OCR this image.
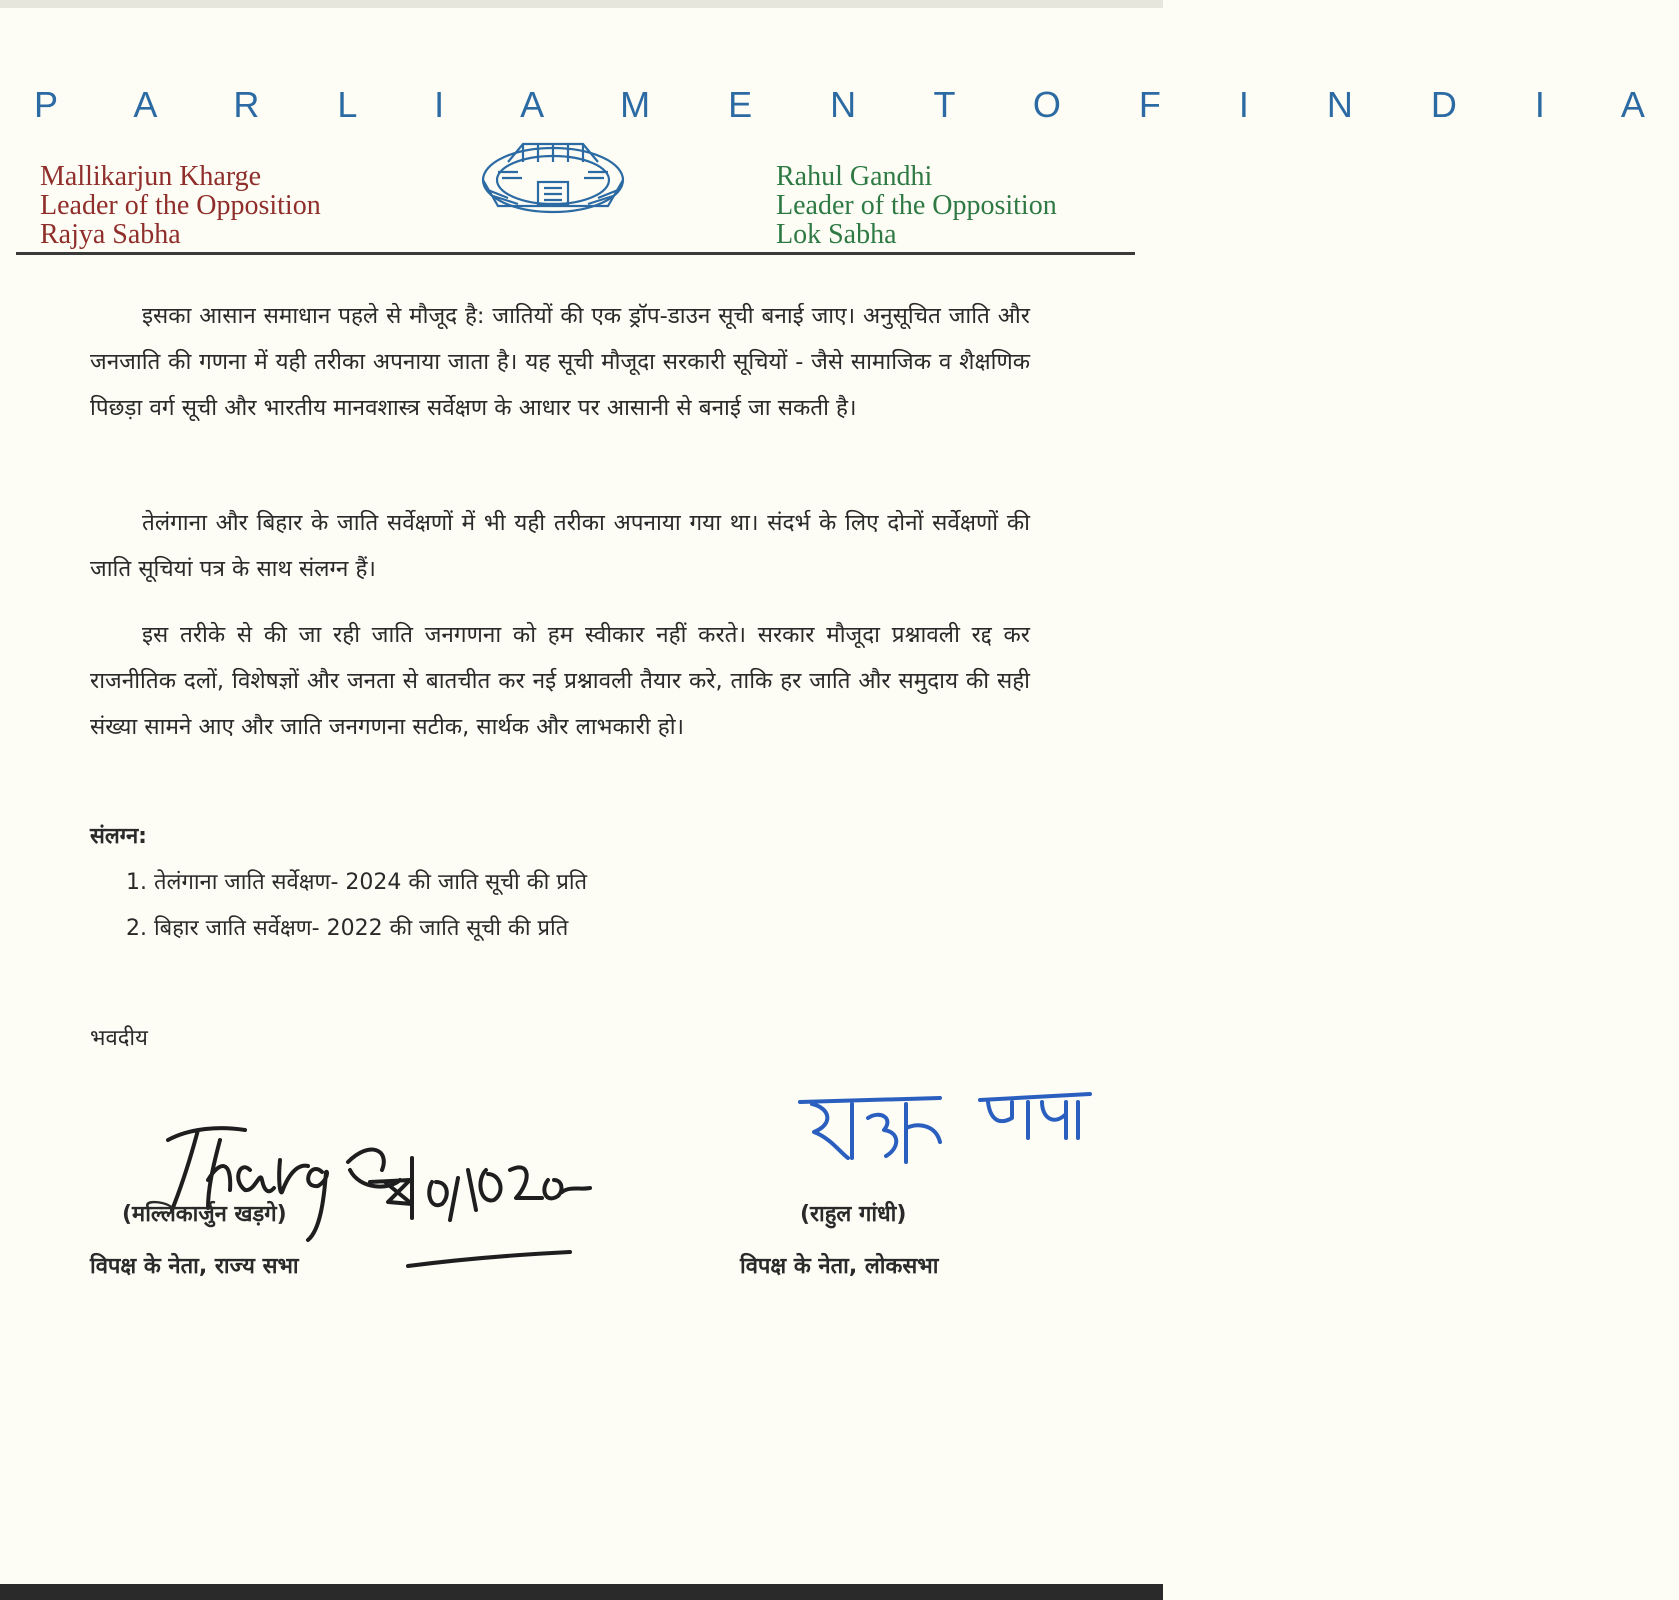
P A R L I A M E N T O F I N D I A
Mallikarjun Kharge
Leader of the Opposition
Rajya Sabha
Rahul Gandhi
Leader of the Opposition
Lok Sabha

इसका आसान समाधान पहले से मौजूद है: जातियों की एक ड्रॉप-डाउन सूची बनाई जाए। अनुसूचित जाति और जनजाति की गणना में यही तरीका अपनाया जाता है। यह सूची मौजूदा सरकारी सूचियों - जैसे सामाजिक व शैक्षणिक पिछड़ा वर्ग सूची और भारतीय मानवशास्त्र सर्वेक्षण के आधार पर आसानी से बनाई जा सकती है।

तेलंगाना और बिहार के जाति सर्वेक्षणों में भी यही तरीका अपनाया गया था। संदर्भ के लिए दोनों सर्वेक्षणों की जाति सूचियां पत्र के साथ संलग्न हैं।

इस तरीके से की जा रही जाति जनगणना को हम स्वीकार नहीं करते। सरकार मौजूदा प्रश्नावली रद्द कर राजनीतिक दलों, विशेषज्ञों और जनता से बातचीत कर नई प्रश्नावली तैयार करे, ताकि हर जाति और समुदाय की सही संख्या सामने आए और जाति जनगणना सटीक, सार्थक और लाभकारी हो।

संलग्न:
1. तेलंगाना जाति सर्वेक्षण- 2024 की जाति सूची की प्रति
2. बिहार जाति सर्वेक्षण- 2022 की जाति सूची की प्रति
भवदीय
(मल्लिकार्जुन खड़गे)
विपक्ष के नेता, राज्य सभा
(राहुल गांधी)
विपक्ष के नेता, लोकसभा
